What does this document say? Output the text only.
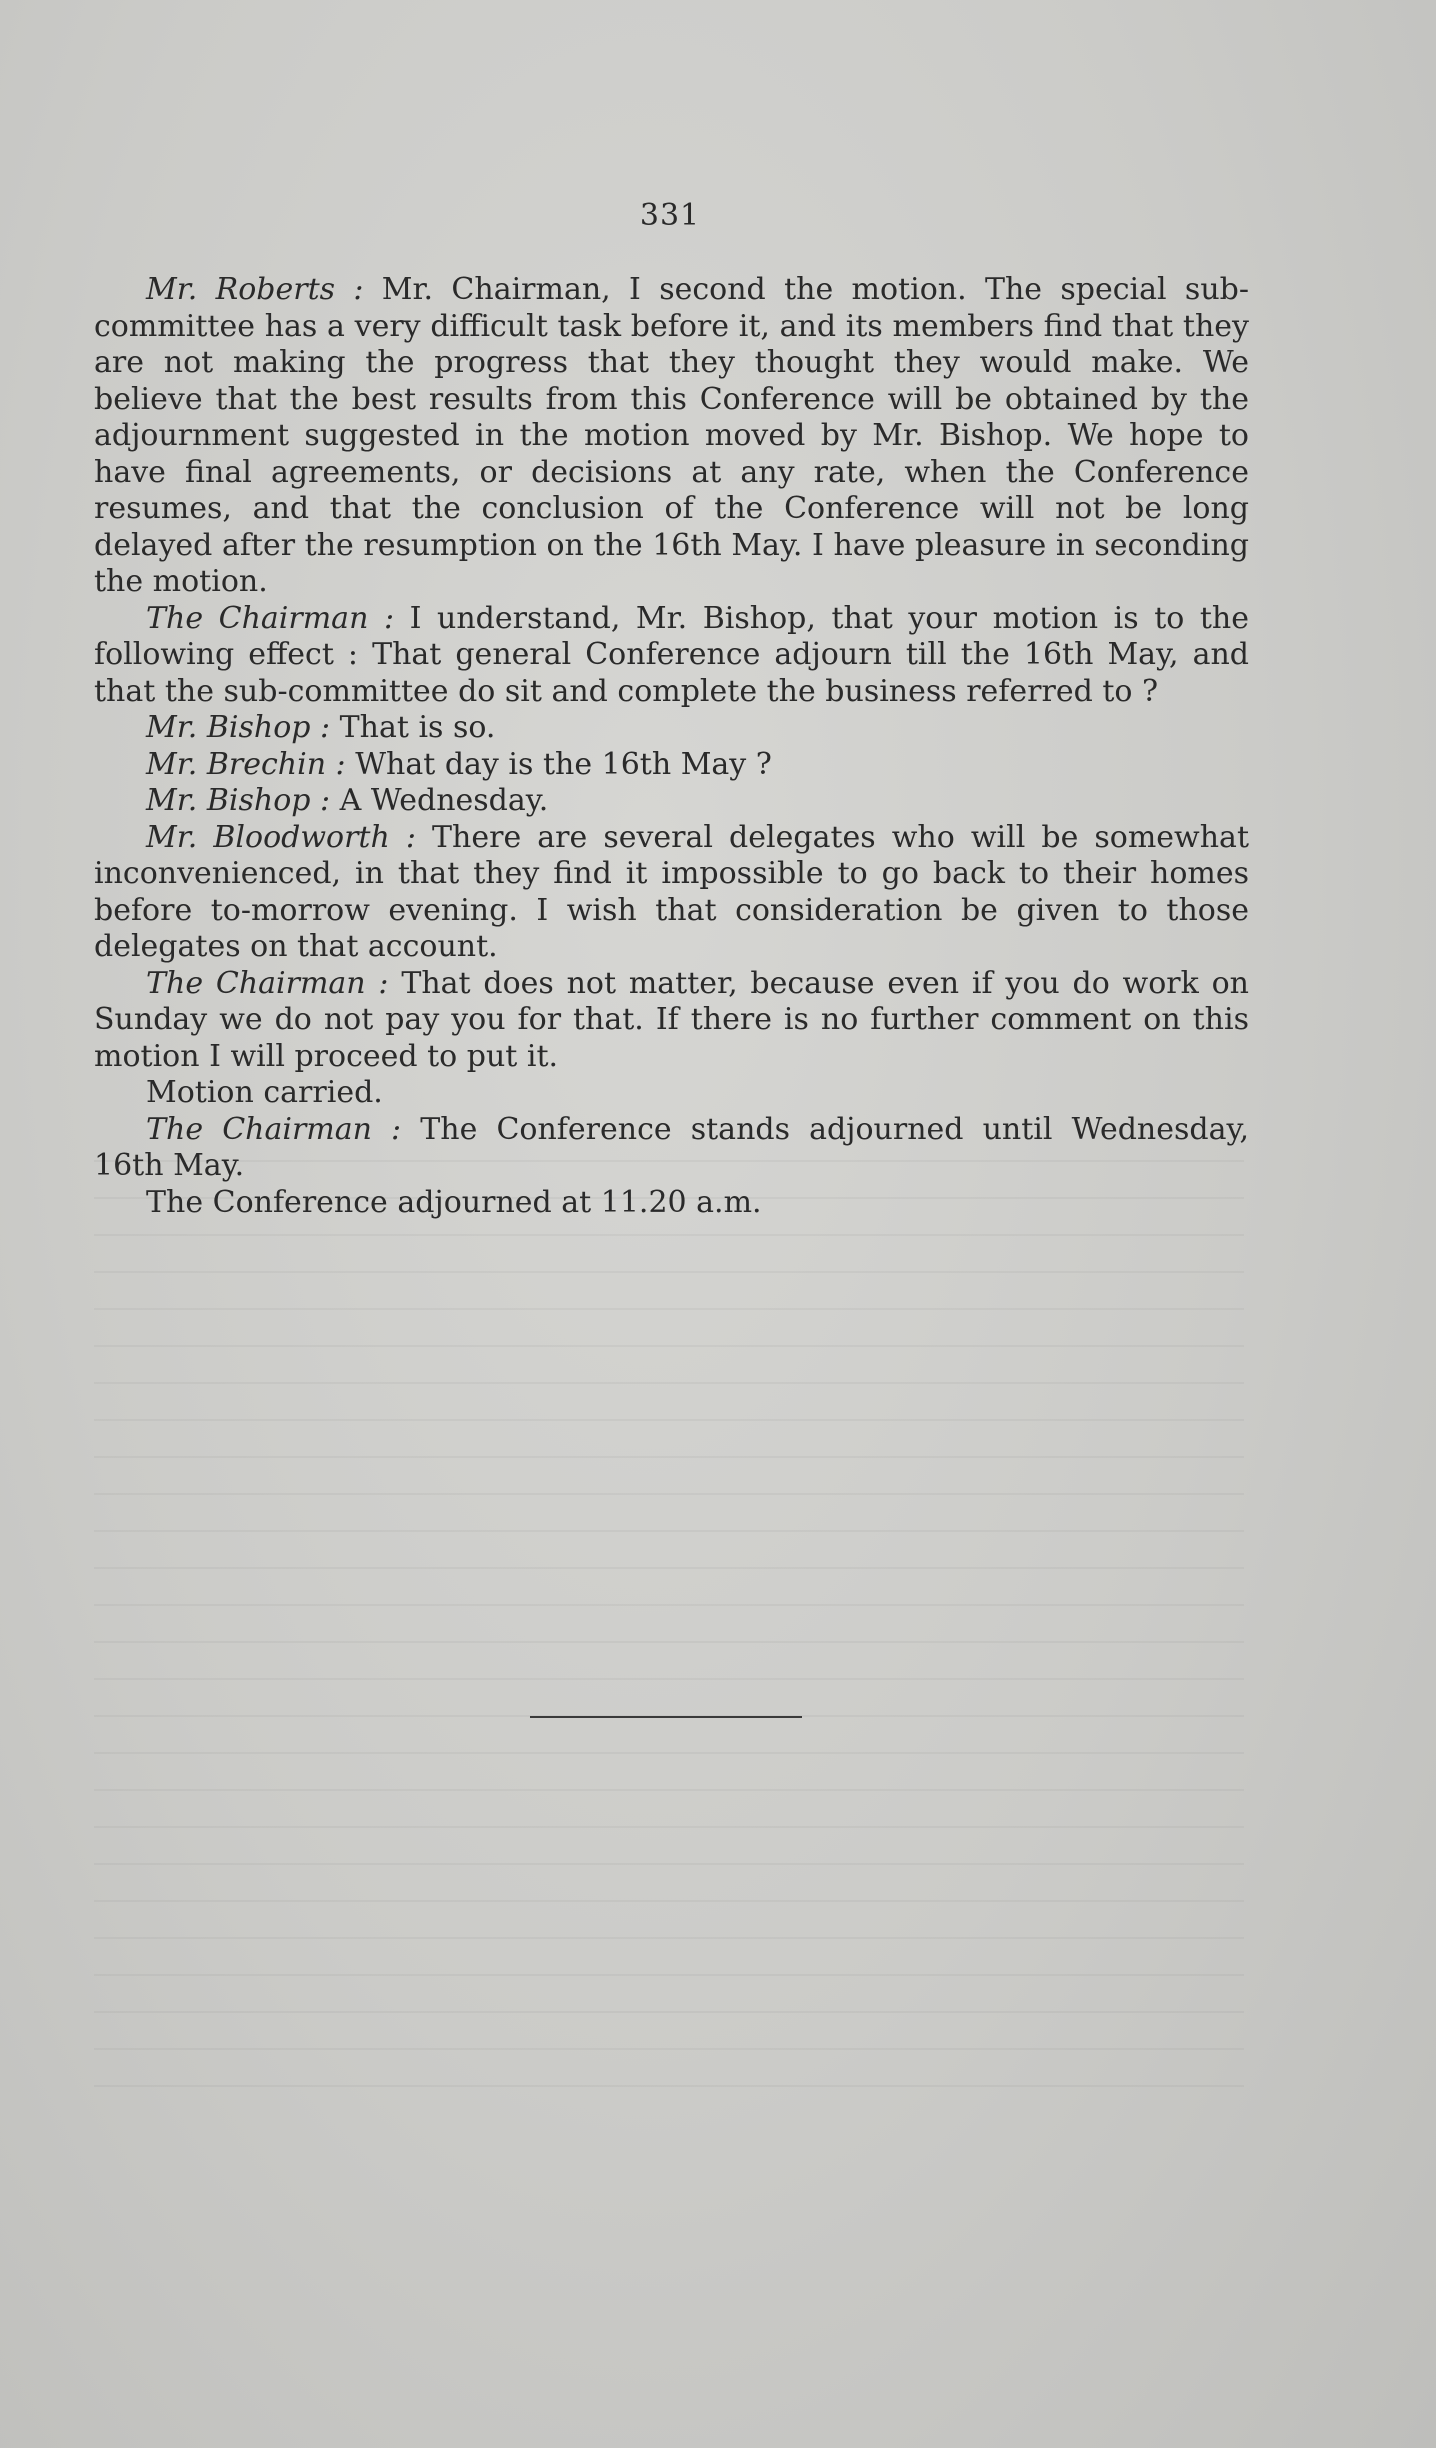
331

Mr. Roberts : Mr. Chairman, I second the motion. The special sub-committee has a very difficult task before it, and its members find that they are not making the progress that they thought they would make. We believe that the best results from this Conference will be obtained by the adjournment suggested in the motion moved by Mr. Bishop. We hope to have final agreements, or decisions at any rate, when the Conference resumes, and that the conclusion of the Conference will not be long delayed after the resumption on the 16th May. I have pleasure in seconding the motion.

The Chairman : I understand, Mr. Bishop, that your motion is to the following effect : That general Conference adjourn till the 16th May, and that the sub-committee do sit and complete the business referred to ?

Mr. Bishop : That is so.

Mr. Brechin : What day is the 16th May ?

Mr. Bishop : A Wednesday.

Mr. Bloodworth : There are several delegates who will be somewhat inconvenienced, in that they find it impossible to go back to their homes before to-morrow evening. I wish that consideration be given to those delegates on that account.

The Chairman : That does not matter, because even if you do work on Sunday we do not pay you for that. If there is no further comment on this motion I will proceed to put it.

Motion carried.

The Chairman : The Conference stands adjourned until Wednesday, 16th May.

The Conference adjourned at 11.20 a.m.
